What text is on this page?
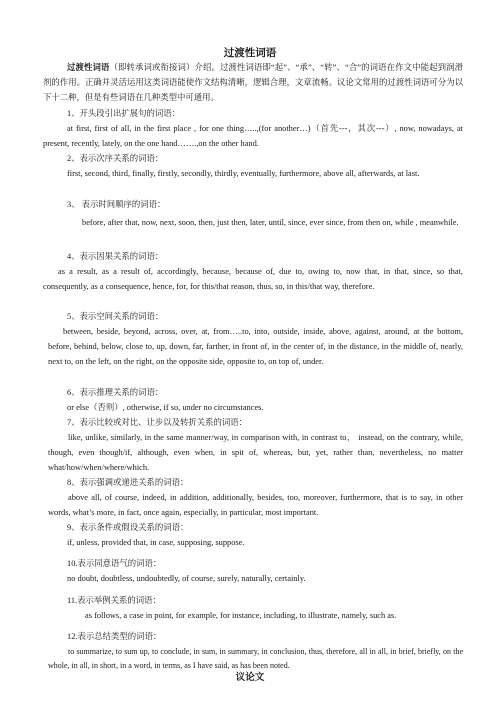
过渡性词语

过渡性词语（即转承词或衔接词）介绍。过渡性词语即“起”、“承”、“转”、“合”的词语在作文中能起到润滑剂的作用。正确并灵活运用这类词语能使作文结构清晰，逻辑合理，文章流畅。议论文常用的过渡性词语可分为以下十二种，但是有些词语在几种类型中可通用。

1、开头段引出扩展句的词语：

at first, first of all, in the first place , for one thing…..,(for another…)（首先---，其次---）, now, nowadays, at present, recently, lately, on the one hand…….,on the other hand.

2、表示次序关系的词语：

first, second, third, finally, firstly, secondly, thirdly, eventually, furthermore, above all, afterwards, at last.

3、 表示时间顺序的词语：

before, after that, now, next, soon, then, just then, later, until, since, ever since, from then on, while , meanwhile.

4、表示因果关系的词语：

as a result, as a result of, accordingly, because, because of, due to, owing to, now that, in that, since, so that, consequently, as a consequence, hence, for, for this/that reason, thus, so, in this/that way, therefore.

5、表示空间关系的词语：

between, beside, beyond, across, over, at, from…..to, into, outside, inside, above, against, around, at the bottom, before, behind, below, close to, up, down, far, farther, in front of, in the center of, in the distance, in the middle of, nearly, next to, on the left, on the right, on the opposite side, opposite to, on top of, under.

6、表示推理关系的词语：

or else（否则）, otherwise, if so, under no circumstances.

7、表示比较或对比、让步以及转折关系的词语：

like, unlike, similarly, in the same manner/way, in comparison with, in contrast to， instead, on the contrary, while, though, even though/if, although, even when, in spit of, whereas, but, yet, rather than, nevertheless, no matter what/how/when/where/which.

8、表示强调或递进关系的词语：

above all, of course, indeed, in addition, additionally, besides, too, moreover, furthermore, that is to say, in other words, what’s more, in fact, once again, especially, in particular, most important.

9、表示条件或假设关系的词语：

if, unless, provided that, in case, supposing, suppose.

10.表示同意语气的词语：

no doubt, doubtless, undoubtedly, of course, surely, naturally, certainly.

11.表示举例关系的词语：

as follows, a case in point, for example, for instance, including, to illustrate, namely, such as.

12.表示总结类型的词语：

to summarize, to sum up, to conclude, in sum, in summary, in conclusion, thus, therefore, all in all, in brief, briefly, on the whole, in all, in short, in a word, in terms, as I have said, as has been noted.

议论文
